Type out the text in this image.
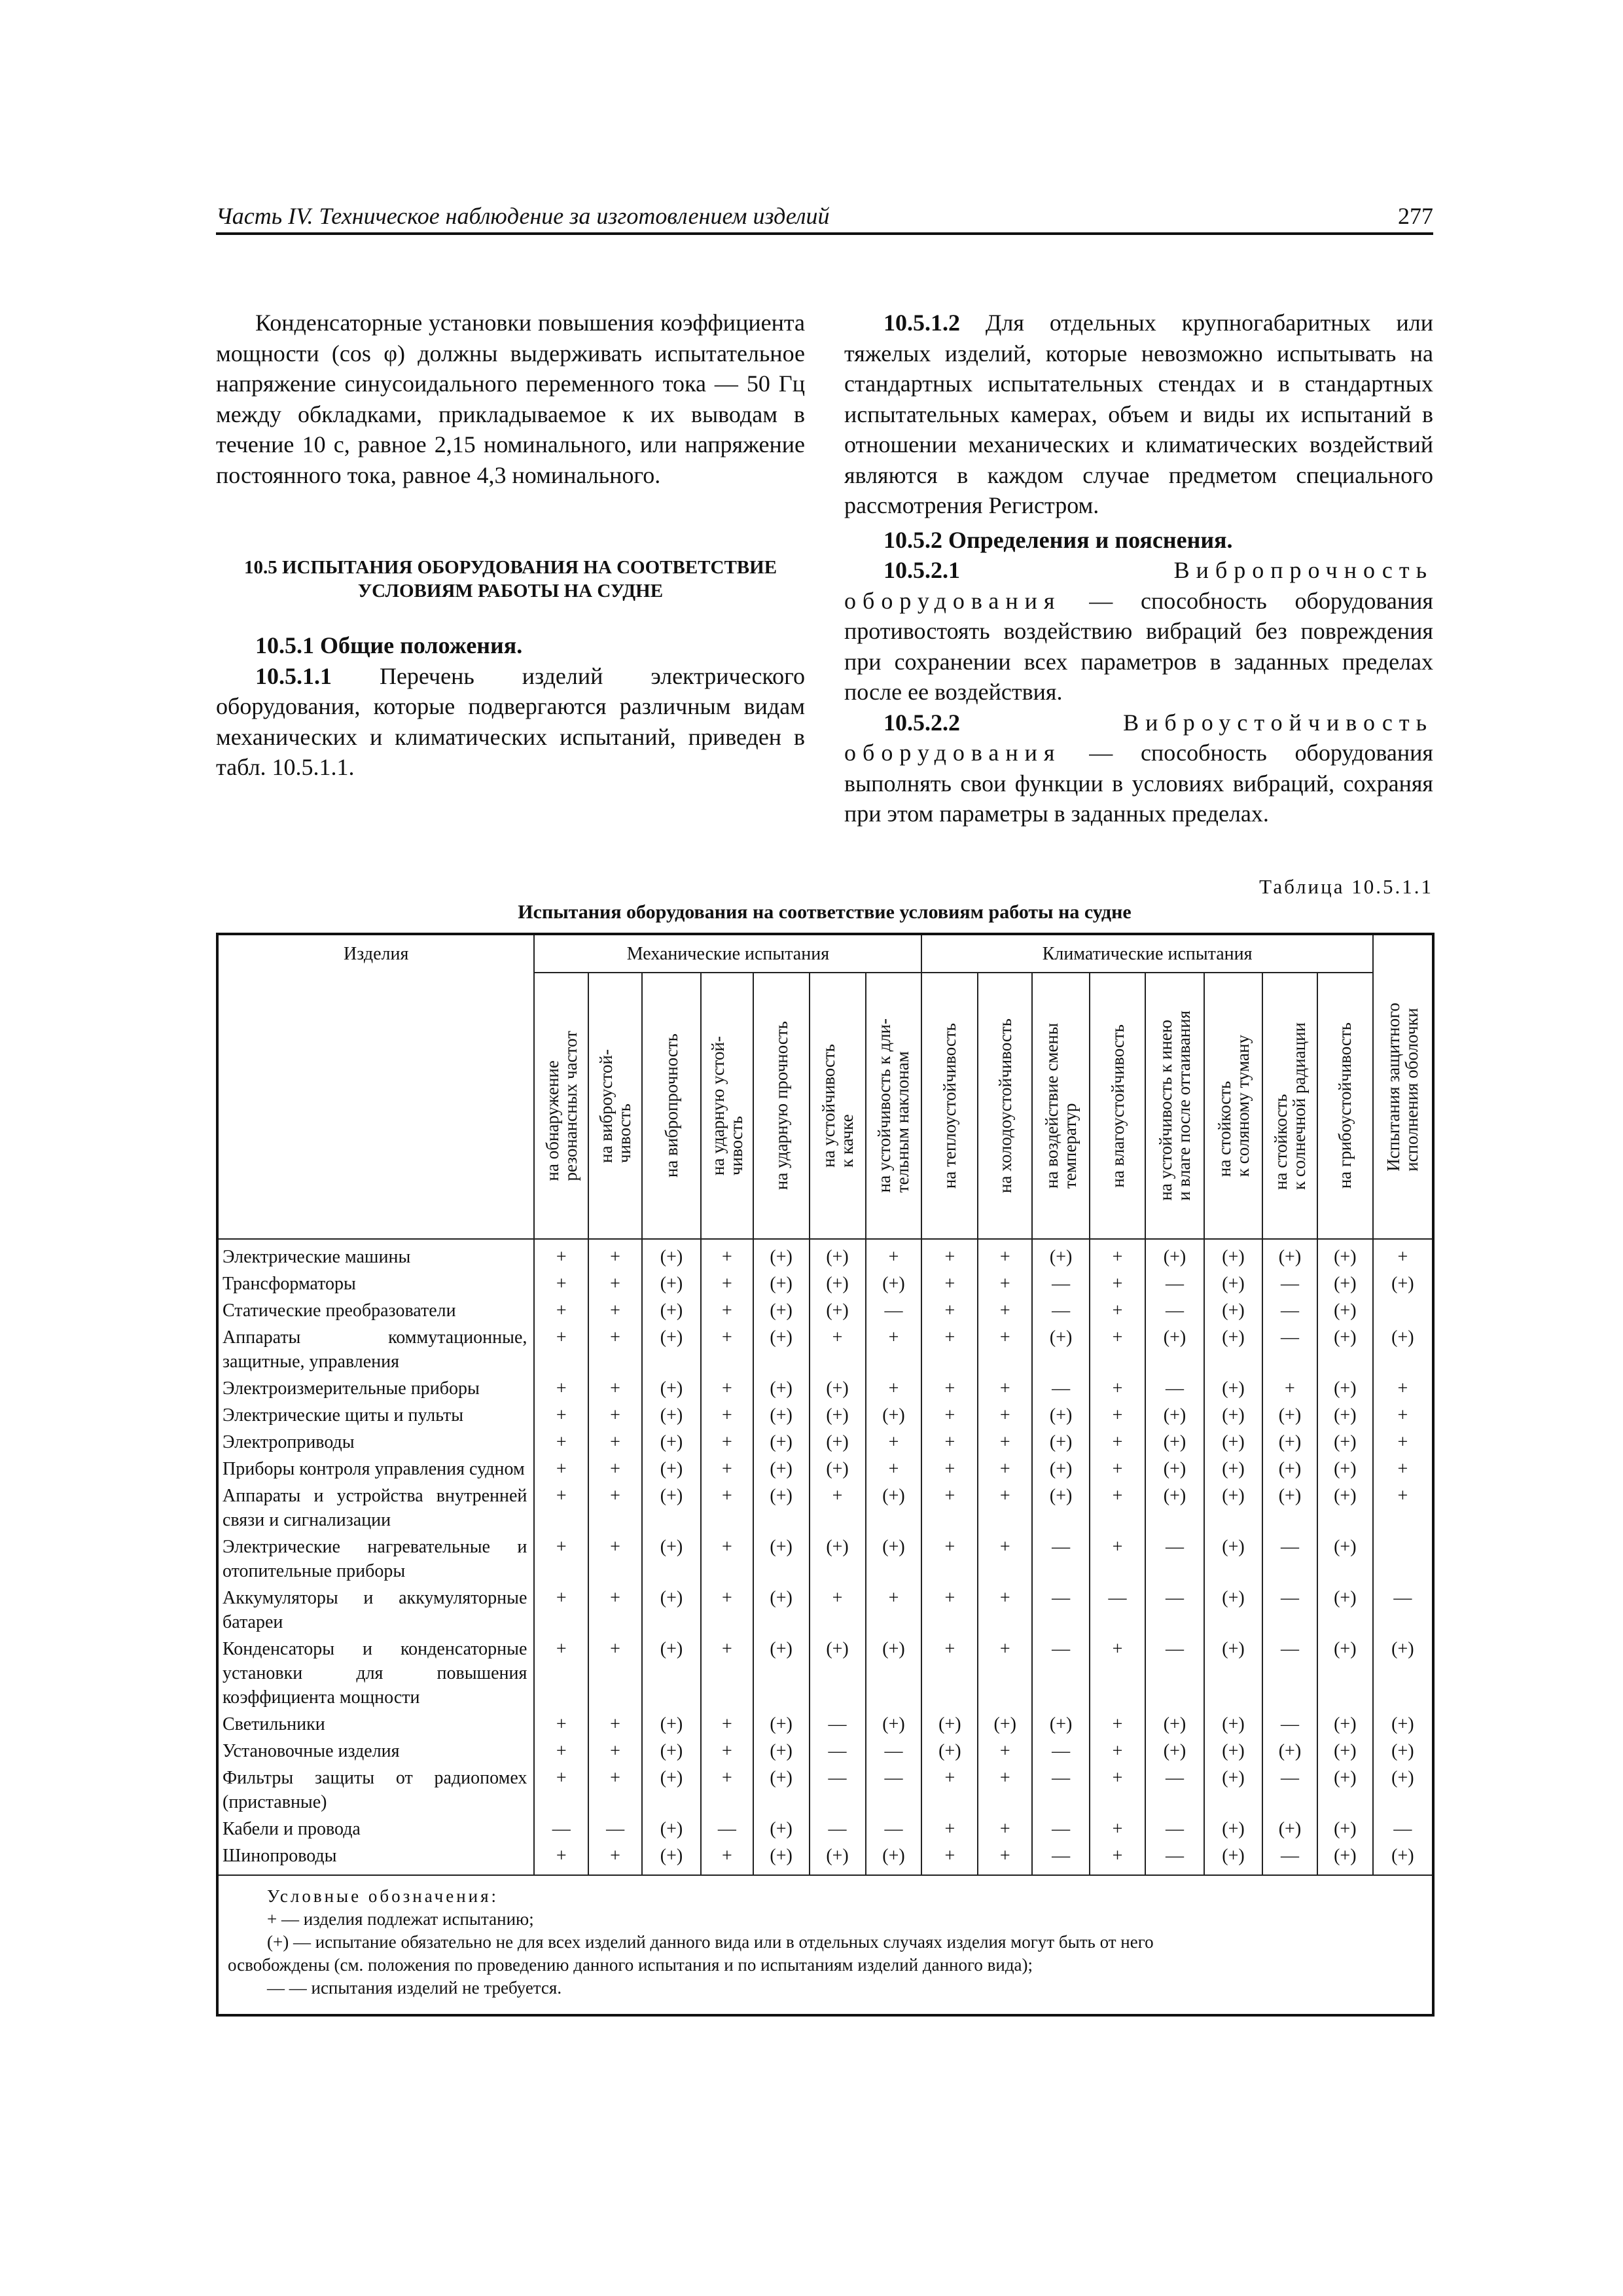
Часть IV. Техническое наблюдение за изготовлением изделий	277

Конденсаторные установки повышения коэффициента мощности (cos φ) должны выдерживать испытательное напряжение синусоидального переменного тока — 50 Гц между обкладками, прикладываемое к их выводам в течение 10 с, равное 2,15 номинального, или напряжение постоянного тока, равное 4,3 номинального.

10.5 ИСПЫТАНИЯ ОБОРУДОВАНИЯ НА СООТВЕТСТВИЕ УСЛОВИЯМ РАБОТЫ НА СУДНЕ

10.5.1 Общие положения.

10.5.1.1 Перечень изделий электрического оборудования, которые подвергаются различным видам механических и климатических испытаний, приведен в табл. 10.5.1.1.

10.5.1.2 Для отдельных крупногабаритных или тяжелых изделий, которые невозможно испытывать на стандартных испытательных стендах и в стандартных испытательных камерах, объем и виды их испытаний в отношении механических и климатических воздействий являются в каждом случае предметом специального рассмотрения Регистром.

10.5.2 Определения и пояснения.

10.5.2.1	Вибропрочность оборудования — способность оборудования противостоять воздействию вибраций без повреждения при сохранении всех параметров в заданных пределах после ее воздействия.

10.5.2.2	Виброустойчивость оборудования — способность оборудования выполнять свои функции в условиях вибраций, сохраняя при этом параметры в заданных пределах.

Таблица 10.5.1.1
Испытания оборудования на соответствие условиям работы на судне
Изделия	Механические испытания							Климатические испытания								Испытания защитного
исполнения оболочки

	на обнаружение
резонансных частот	на виброустой-
чивость	на вибропрочность	на ударную устой-
чивость	на ударную прочность	на устойчивость
к качке	на устойчивость к дли-
тельным наклонам	на теплоустойчивость	на холодоустойчивость	на воздействие смены
температур	на влагоустойчивость	на устойчивость к инею
и влаге после оттаивания	на стойкость
к соляному туману	на стойкость
к солнечной радиации	на грибоустойчивость	

Электрические машины	+	+	(+)	+	(+)	(+)	+	+	+	(+)	+	(+)	(+)	(+)	(+)	+
Трансформаторы	+	+	(+)	+	(+)	(+)	(+)	+	+	—	+	—	(+)	—	(+)	(+)
Статические преобразователи	+	+	(+)	+	(+)	(+)	—	+	+	—	+	—	(+)	—	(+)	
Аппараты коммутационные, защитные, управления	+	+	(+)	+	(+)	+	+	+	+	(+)	+	(+)	(+)	—	(+)	(+)
Электроизмерительные приборы	+	+	(+)	+	(+)	(+)	+	+	+	—	+	—	(+)	+	(+)	+
Электрические щиты и пульты	+	+	(+)	+	(+)	(+)	(+)	+	+	(+)	+	(+)	(+)	(+)	(+)	+
Электроприводы	+	+	(+)	+	(+)	(+)	+	+	+	(+)	+	(+)	(+)	(+)	(+)	+
Приборы контроля управления судном	+	+	(+)	+	(+)	(+)	+	+	+	(+)	+	(+)	(+)	(+)	(+)	+
Аппараты и устройства внутренней связи и сигнализации	+	+	(+)	+	(+)	+	(+)	+	+	(+)	+	(+)	(+)	(+)	(+)	+
Электрические нагревательные и отопительные приборы	+	+	(+)	+	(+)	(+)	(+)	+	+	—	+	—	(+)	—	(+)	
Аккумуляторы и аккумуляторные батареи	+	+	(+)	+	(+)	+	+	+	+	—	—	—	(+)	—	(+)	—
Конденсаторы и конденсаторные установки для повышения коэффициента мощности	+	+	(+)	+	(+)	(+)	(+)	+	+	—	+	—	(+)	—	(+)	(+)
Светильники	+	+	(+)	+	(+)	—	(+)	(+)	(+)	(+)	+	(+)	(+)	—	(+)	(+)
Установочные изделия	+	+	(+)	+	(+)	—	—	(+)	+	—	+	(+)	(+)	(+)	(+)	(+)
Фильтры защиты от радиопомех (приставные)	+	+	(+)	+	(+)	—	—	+	+	—	+	—	(+)	—	(+)	(+)
Кабели и провода	—	—	(+)	—	(+)	—	—	+	+	—	+	—	(+)	(+)	(+)	—
Шинопроводы	+	+	(+)	+	(+)	(+)	(+)	+	+	—	+	—	(+)	—	(+)	(+)
Условные обозначения:
+ — изделия подлежат испытанию;
(+) — испытание обязательно не для всех изделий данного вида или в отдельных случаях изделия могут быть от него
освобождены (см. положения по проведению данного испытания и по испытаниям изделий данного вида);
— — испытания изделий не требуется.																
